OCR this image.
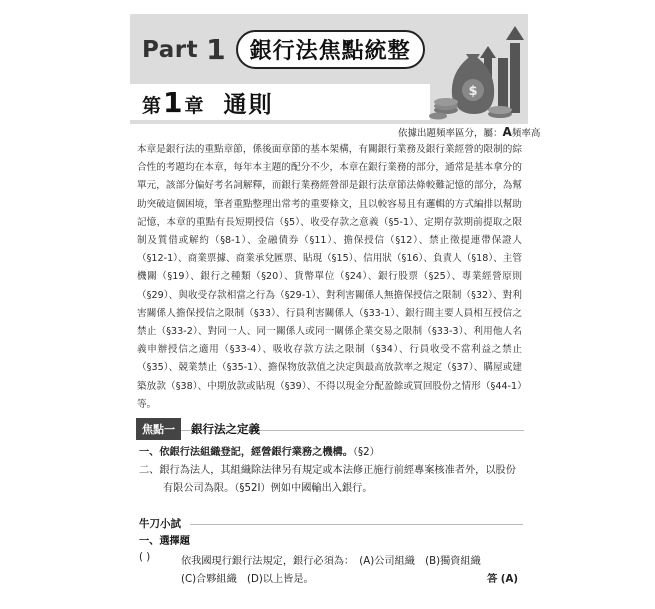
Part 1	銀行法焦點統整
第 1 章 通則	$
依據出題頻率區分，屬：A頻率高

本章是銀行法的重點章節，係後面章節的基本架構，有關銀行業務及銀行業經營的限制的綜合性的考題均在本章，每年本主題的配分不少，本章在銀行業務的部分，通常是基本拿分的單元，該部分偏好考名詞解釋，而銀行業務經營卻是銀行法章節法條較難記憶的部分，為幫助突破這個困境，筆者重點整理出常考的重要條文，且以較容易且有邏輯的方式編排以幫助記憶，本章的重點有長短期授信（§5）、收受存款之意義（§5-1）、定期存款期前提取之限制及質借或解約（§8-1）、金融債券（§11）、擔保授信（§12）、禁止徵提連帶保證人（§12-1）、商業票據、商業承兌匯票、貼現（§15）、信用狀（§16）、負責人（§18）、主管機關（§19）、銀行之種類（§20）、貨幣單位（§24）、銀行股票（§25）、專業經營原則（§29）、與收受存款相當之行為（§29-1）、對利害關係人無擔保授信之限制（§32）、對利害關係人擔保授信之限制（§33）、行員利害關係人（§33-1）、銀行間主要人員相互授信之禁止（§33-2）、對同一人、同一關係人或同一關係企業交易之限制（§33-3）、利用他人名義申辦授信之適用（§33-4）、吸收存款方法之限制（§34）、行員收受不當利益之禁止（§35）、競業禁止（§35-1）、擔保物放款值之決定與最高放款率之規定（§37）、購屋或建築放款（§38）、中期放款或貼現（§39）、不得以現金分配盈餘或買回股份之情形（§44-1）等。

焦點一	銀行法之定義
一、依銀行法組織登記，經營銀行業務之機構。（§2）
二、銀行為法人，其組織除法律另有規定或本法修正施行前經專案核准者外，以股份有限公司為限。（§52Ⅰ）例如中國輸出入銀行。
牛刀小試
一、選擇題
( )	依我國現行銀行法規定，銀行必須為：　(A)公司組織　(B)獨資組織
(C)合夥組織　(D)以上皆是。	答 (A)
